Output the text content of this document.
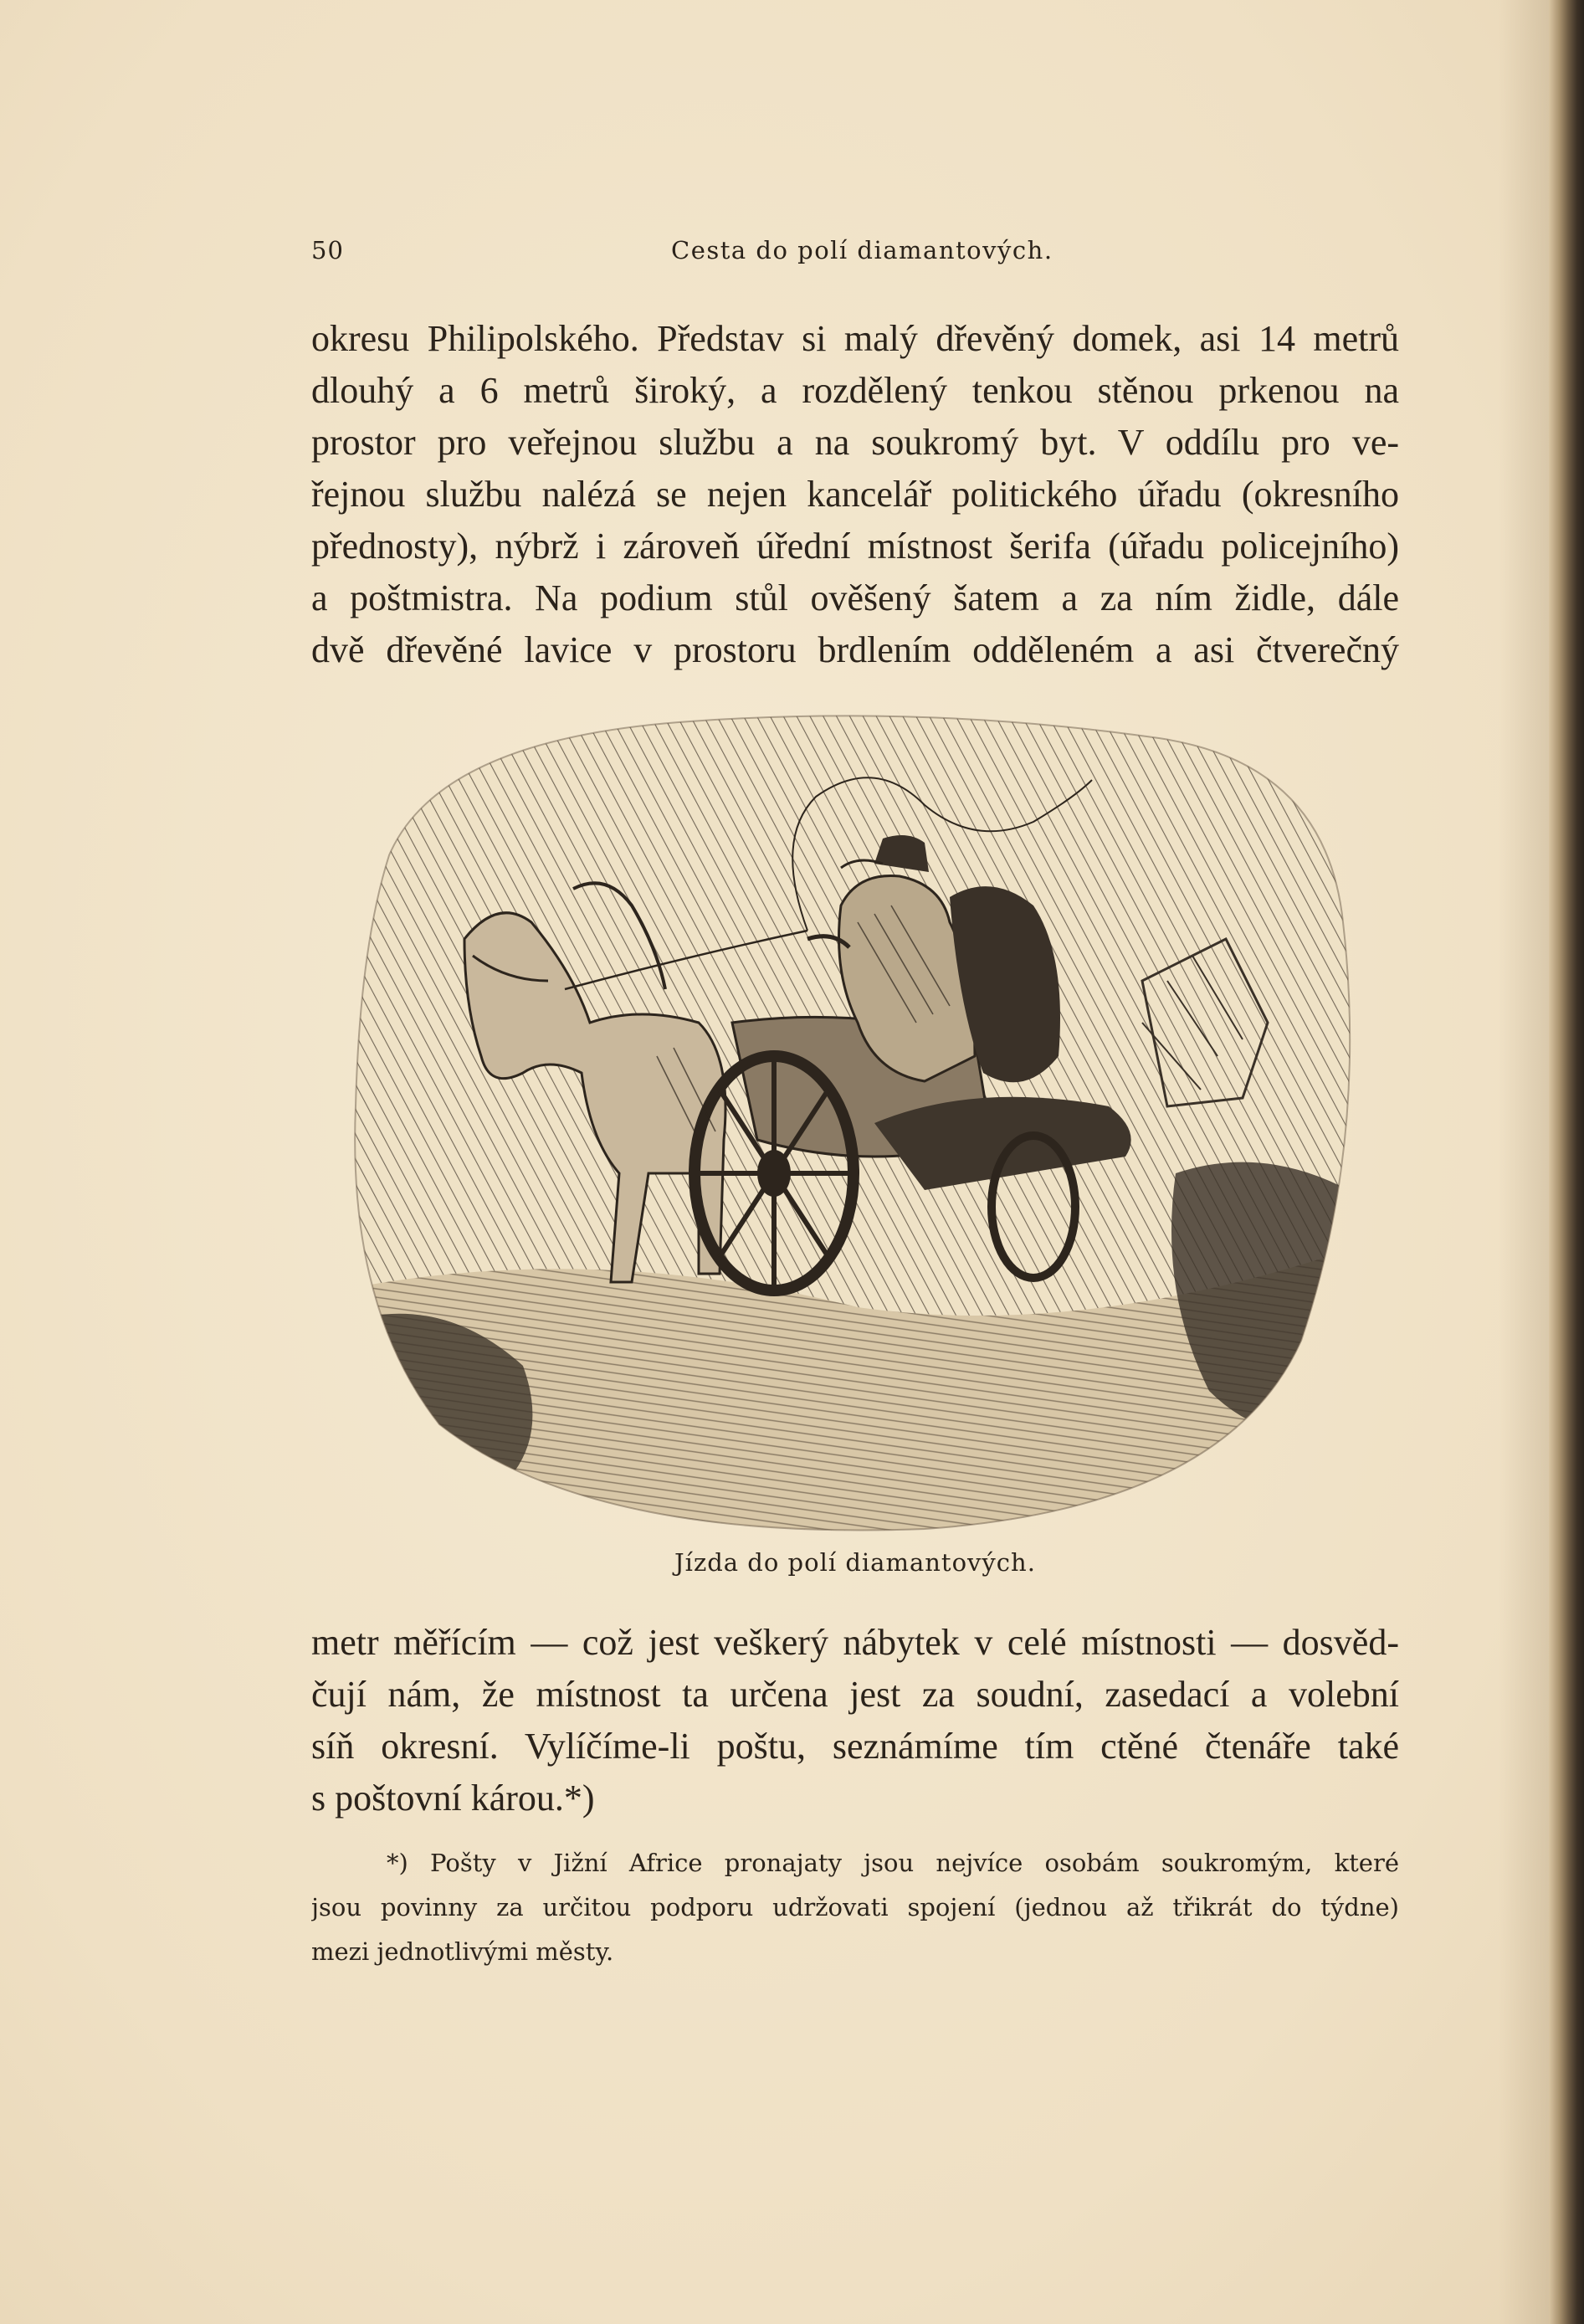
50	Cesta do polí diamantových.
okresu Philipolského. Představ si malý dřevěný domek, asi 14 metrů
dlouhý a 6 metrů široký, a rozdělený tenkou stěnou prkenou na
prostor pro veřejnou službu a na soukromý byt. V oddílu pro ve-
řejnou službu nalézá se nejen kancelář politického úřadu (okresního
přednosty), nýbrž i zároveň úřední místnost šerifa (úřadu policejního)
a poštmistra. Na podium stůl ověšený šatem a za ním židle, dále
dvě dřevěné lavice v prostoru brdlením odděleném a asi čtverečný
Jízda do polí diamantových.
metr měřícím — což jest veškerý nábytek v celé místnosti — dosvěd-
čují nám, že místnost ta určena jest za soudní, zasedací a volební
síň okresní. Vylíčíme-li poštu, seznámíme tím ctěné čtenáře také
s poštovní károu.*)
*) Pošty v Jižní Africe pronajaty jsou nejvíce osobám soukromým, které
jsou povinny za určitou podporu udržovati spojení (jednou až třikrát do týdne)
mezi jednotlivými městy.
